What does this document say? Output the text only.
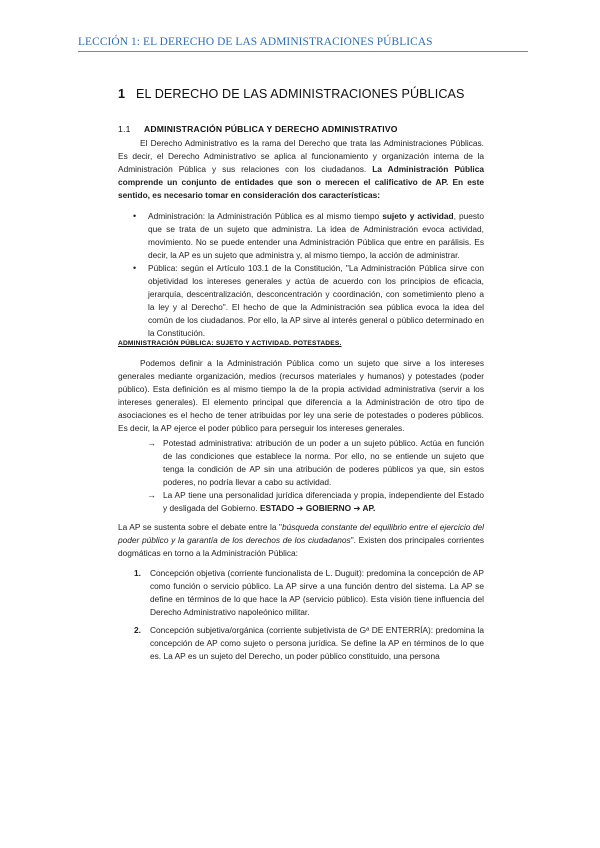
LECCIÓN 1: EL DERECHO DE LAS ADMINISTRACIONES PÚBLICAS
1 EL DERECHO DE LAS ADMINISTRACIONES PÚBLICAS
1.1 ADMINISTRACIÓN PÚBLICA Y DERECHO ADMINISTRATIVO
El Derecho Administrativo es la rama del Derecho que trata las Administraciones Públicas. Es decir, el Derecho Administrativo se aplica al funcionamiento y organización interna de la Administración Pública y sus relaciones con los ciudadanos. La Administración Pública comprende un conjunto de entidades que son o merecen el calificativo de AP. En este sentido, es necesario tomar en consideración dos características:
• Administración: la Administración Pública es al mismo tiempo sujeto y actividad, puesto que se trata de un sujeto que administra. La idea de Administración evoca actividad, movimiento. No se puede entender una Administración Pública que entre en parálisis. Es decir, la AP es un sujeto que administra y, al mismo tiempo, la acción de administrar.
• Pública: según el Artículo 103.1 de la Constitución, "La Administración Pública sirve con objetividad los intereses generales y actúa de acuerdo con los principios de eficacia, jerarquía, descentralización, desconcentración y coordinación, con sometimiento pleno a la ley y al Derecho". El hecho de que la Administración sea pública evoca la idea del común de los ciudadanos. Por ello, la AP sirve al interés general o público determinado en la Constitución.
ADMINISTRACIÓN PÚBLICA: SUJETO Y ACTIVIDAD. POTESTADES.
Podemos definir a la Administración Pública como un sujeto que sirve a los intereses generales mediante organización, medios (recursos materiales y humanos) y potestades (poder público). Esta definición es al mismo tiempo la de la propia actividad administrativa (servir a los intereses generales). El elemento principal que diferencia a la Administración de otro tipo de asociaciones es el hecho de tener atribuidas por ley una serie de potestades o poderes públicos. Es decir, la AP ejerce el poder público para perseguir los intereses generales.
→ Potestad administrativa: atribución de un poder a un sujeto público. Actúa en función de las condiciones que establece la norma. Por ello, no se entiende un sujeto que tenga la condición de AP sin una atribución de poderes públicos ya que, sin estos poderes, no podría llevar a cabo su actividad.
→ La AP tiene una personalidad jurídica diferenciada y propia, independiente del Estado y desligada del Gobierno. ESTADO ➔ GOBIERNO ➔ AP.
La AP se sustenta sobre el debate entre la "búsqueda constante del equilibrio entre el ejercicio del poder público y la garantía de los derechos de los ciudadanos". Existen dos principales corrientes dogmáticas en torno a la Administración Pública:
1. Concepción objetiva (corriente funcionalista de L. Duguit): predomina la concepción de AP como función o servicio público. La AP sirve a una función dentro del sistema. La AP se define en términos de lo que hace la AP (servicio público). Esta visión tiene influencia del Derecho Administrativo napoleónico militar.
2. Concepción subjetiva/orgánica (corriente subjetivista de Gª DE ENTERRÍA): predomina la concepción de AP como sujeto o persona jurídica. Se define la AP en términos de lo que es. La AP es un sujeto del Derecho, un poder público constituido, una persona
